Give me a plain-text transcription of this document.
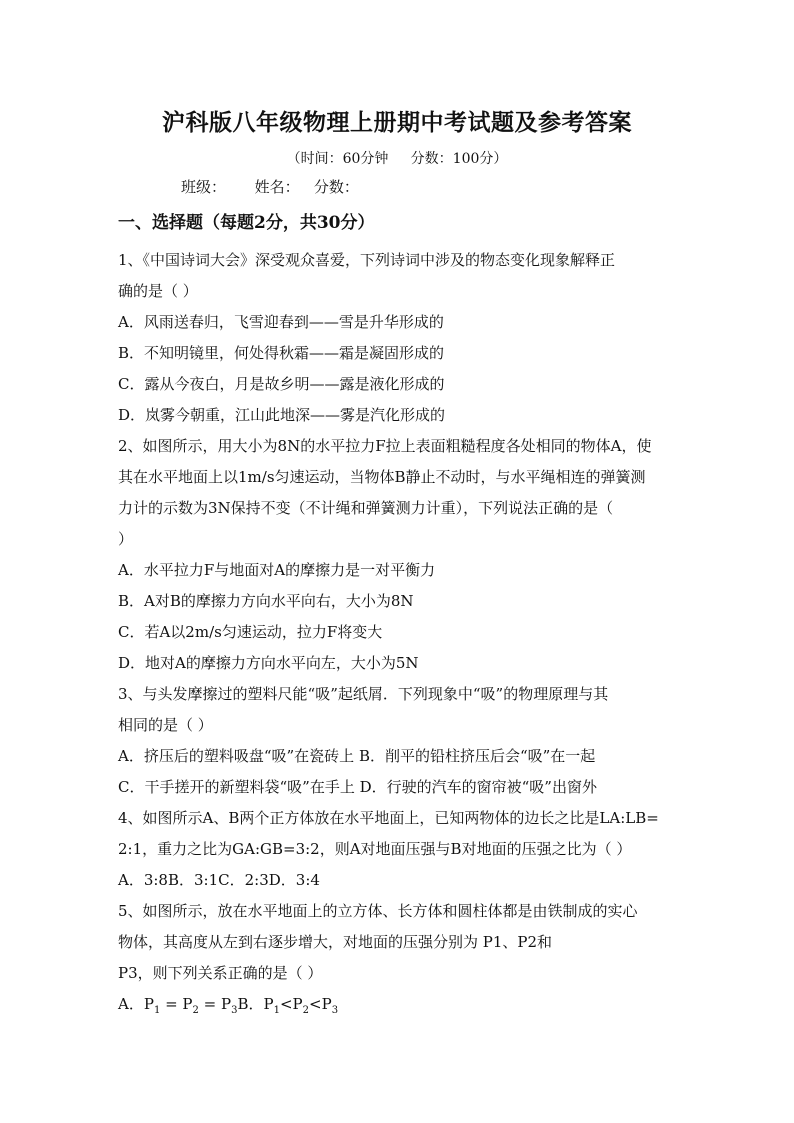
沪科版八年级物理上册期中考试题及参考答案
（时间：60分钟     分数：100分）
班级：      姓名：   分数：
一、选择题（每题2分，共30分）
1、《中国诗词大会》深受观众喜爱，下列诗词中涉及的物态变化现象解释正
确的是（ ）
A．风雨送春归，飞雪迎春到——雪是升华形成的
B．不知明镜里，何处得秋霜——霜是凝固形成的
C．露从今夜白，月是故乡明——露是液化形成的
D．岚雾今朝重，江山此地深——雾是汽化形成的
2、如图所示，用大小为8N的水平拉力F拉上表面粗糙程度各处相同的物体A，使
其在水平地面上以1m/s匀速运动，当物体B静止不动时，与水平绳相连的弹簧测
力计的示数为3N保持不变（不计绳和弹簧测力计重），下列说法正确的是（
）
A．水平拉力F与地面对A的摩擦力是一对平衡力
B．A对B的摩擦力方向水平向右，大小为8N
C．若A以2m/s匀速运动，拉力F将变大
D．地对A的摩擦力方向水平向左，大小为5N
3、与头发摩擦过的塑料尺能“吸”起纸屑．下列现象中“吸”的物理原理与其
相同的是（ ）
A．挤压后的塑料吸盘“吸”在瓷砖上 B．削平的铅柱挤压后会“吸”在一起
C．干手搓开的新塑料袋“吸”在手上 D．行驶的汽车的窗帘被“吸”出窗外
4、如图所示A、B两个正方体放在水平地面上，已知两物体的边长之比是LA:LB=
2:1，重力之比为GA:GB=3:2，则A对地面压强与B对地面的压强之比为（ ）
A．3:8B．3:1C．2:3D．3:4
5、如图所示，放在水平地面上的立方体、长方体和圆柱体都是由铁制成的实心
物体，其高度从左到右逐步增大，对地面的压强分别为 P1、P2和
P3，则下列关系正确的是（ ）
A．$P_1 = P_2 = P_3B$．$P_1<P_2<P_3$
